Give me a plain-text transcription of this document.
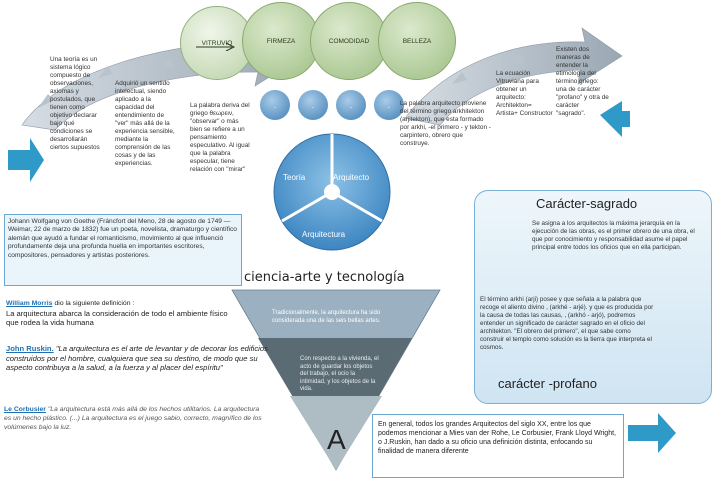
VITRUVIO	FIRMEZA	COMODIDAD	BELLEZA
.	.	.	.
Teoría	Arquitecto
Arquitectura
Una teoría es un sistema lógico compuesto de observaciones, axiomas y postulados, que tienen como objetivo declarar bajo qué condiciones se desarrollarán ciertos supuestos
Adquirió un sentido intelectual, siendo aplicado a la capacidad del entendimiento de "ver" más allá de la experiencia sensible, mediante la comprensión de las cosas y de las experiencias.
La palabra deriva del griego θεωρειν, "observar" o más bien se refiere a un pensamiento especulativo. Al igual que la palabra especular, tiene relación con "mirar"
La palabra arquitecto proviene del término griego arkhitekton (arjitekton), que esta formado por arkhi, -el primero - y tekton - carpintero, obrero que construye.
La ecuación Vitruviana para obtener un arquitecto: Architekton= Artista+ Constructor
Existen dos maneras de entender la etimología del término griego: una de carácter "profano" y otra de carácter "sagrado".
Johann Wolfgang von Goethe (Fráncfort del Meno, 28 de agosto de 1749 — Weimar, 22 de marzo de 1832) fue un poeta, novelista, dramaturgo y científico alemán que ayudó a fundar el romanticismo, movimiento al que influenció profundamente deja una profunda huella en importantes escritores, compositores, pensadores y artistas posteriores.
ciencia-arte y tecnología
Tradicionalmente, la arquitectura ha sido considerada una de las seis bellas artes.
Con respecto a la vivienda, el acto de guardar los objetos del trabajo, el ocio la intimidad, y los objetos de la vida.
A
William Morris dio la siguiente definición :
La arquitectura abarca la consideración de todo el ambiente físico que rodea la vida humana
John Ruskin. "La arquitectura es el arte de levantar y de decorar los edificios construidos por el hombre, cualquiera que sea su destino, de modo que su aspecto contribuya a la salud, a la fuerza y al placer del espíritu"
Le Corbusier "La arquitectura está más allá de los hechos utilitarios. La arquitectura es un hecho plástico. (...) La arquitectura es el juego sabio, correcto, magnífico de los volúmenes bajo la luz.
Carácter-sagrado
Se asigna a los arquitectos la máxima jerarquía en la ejecución de las obras, es el primer obrero de una obra, el que por conocimiento y responsabilidad asume el papel principal entre todos los oficios que en ella participan.
El término arkhi (arji) posee y que señala a la palabra que recoge el aliento divino , (arkhé - arjé). y que es producida por la causa de todas las causas, , (arkhó - arjó), podremos entender un significado de carácter sagrado en el oficio del architekton. "El obrero del primero", el que sabe como construir el templo como solución es la tierra que interpreta el cosmos.
carácter -profano
En general, todos los grandes Arquitectos del siglo XX, entre los que podemos mencionar a Mies van der Rohe, Le Corbusier, Frank Lloyd Wright, o J.Ruskin, han dado a su oficio una definición distinta, enfocando su finalidad de manera diferente
